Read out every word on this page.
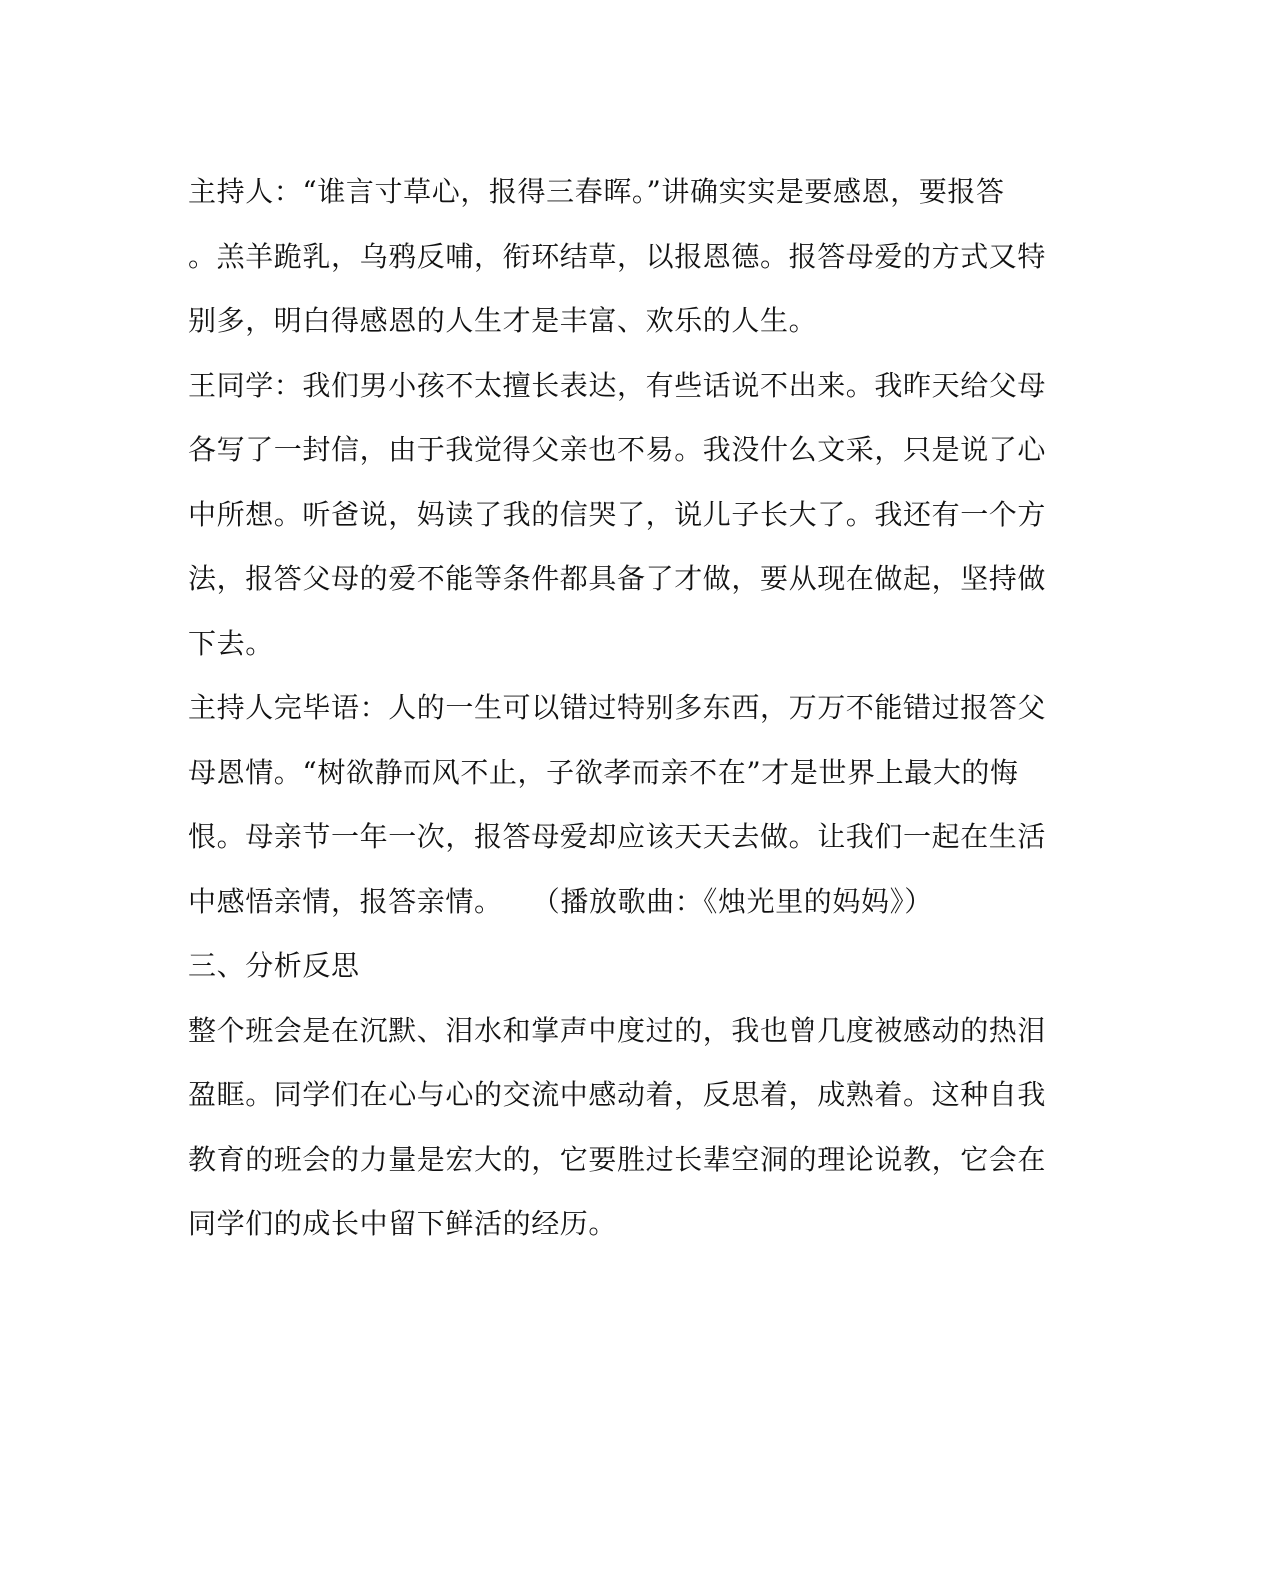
主持人：“谁言寸草心，报得三春晖。”讲确实实是要感恩，要报答
。羔羊跪乳，乌鸦反哺，衔环结草，以报恩德。报答母爱的方式又特
别多，明白得感恩的人生才是丰富、欢乐的人生。
王同学：我们男小孩不太擅长表达，有些话说不出来。我昨天给父母
各写了一封信，由于我觉得父亲也不易。我没什么文采，只是说了心
中所想。听爸说，妈读了我的信哭了，说儿子长大了。我还有一个方
法，报答父母的爱不能等条件都具备了才做，要从现在做起，坚持做
下去。
主持人完毕语：人的一生可以错过特别多东西，万万不能错过报答父
母恩情。“树欲静而风不止，子欲孝而亲不在”才是世界上最大的悔
恨。母亲节一年一次，报答母爱却应该天天去做。让我们一起在生活
中感悟亲情，报答亲情。　　（播放歌曲：《烛光里的妈妈》）
三、分析反思
整个班会是在沉默、泪水和掌声中度过的，我也曾几度被感动的热泪
盈眶。同学们在心与心的交流中感动着，反思着，成熟着。这种自我
教育的班会的力量是宏大的，它要胜过长辈空洞的理论说教，它会在
同学们的成长中留下鲜活的经历。
